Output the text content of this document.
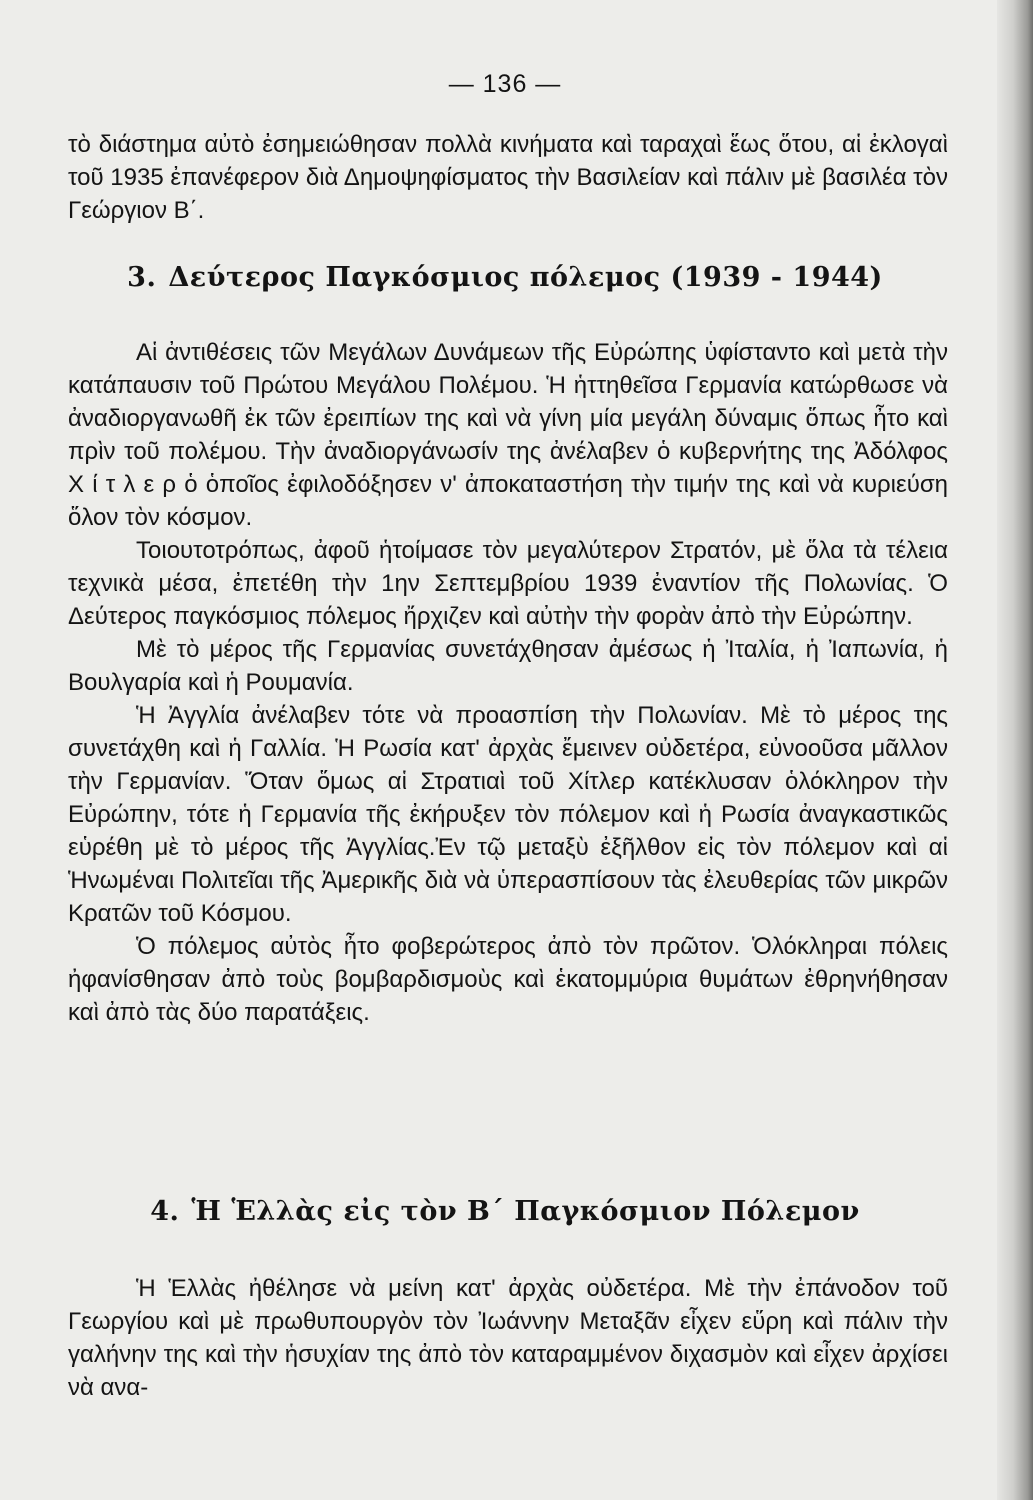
— 136 —

τὸ διάστημα αὐτὸ ἐσημειώθησαν πολλὰ κινήματα καὶ ταραχαὶ ἕως ὅτου, αἱ ἐκλογαὶ τοῦ 1935 ἐπανέφερον διὰ Δημοψηφίσματος τὴν Βασιλείαν καὶ πάλιν μὲ βασιλέα τὸν Γεώργιον Β΄.

3. Δεύτερος Παγκόσμιος πόλεμος (1939 - 1944)

Αἱ ἀντιθέσεις τῶν Μεγάλων Δυνάμεων τῆς Εὐρώπης ὑφίσταντο καὶ μετὰ τὴν κατάπαυσιν τοῦ Πρώτου Μεγάλου Πολέμου. Ἡ ἡττηθεῖσα Γερμανία κατώρθωσε νὰ ἀναδιοργανωθῆ ἐκ τῶν ἐρειπίων της καὶ νὰ γίνη μία μεγάλη δύναμις ὅπως ἦτο καὶ πρὶν τοῦ πολέμου. Τὴν ἀναδιοργάνωσίν της ἀνέλαβεν ὁ κυβερνήτης της Ἀδόλφος Χ ί τ λ ε ρ ὁ ὁποῖος ἐφιλοδόξησεν ν' ἀποκαταστήση τὴν τιμήν της καὶ νὰ κυριεύση ὅλον τὸν κόσμον.

Τοιουτοτρόπως, ἀφοῦ ἡτοίμασε τὸν μεγαλύτερον Στρατόν, μὲ ὅλα τὰ τέλεια τεχνικὰ μέσα, ἐπετέθη τὴν 1ην Σεπτεμβρίου 1939 ἐναντίον τῆς Πολωνίας. Ὁ Δεύτερος παγκόσμιος πόλεμος ἤρχιζεν καὶ αὐτὴν τὴν φορὰν ἀπὸ τὴν Εὐρώπην.

Μὲ τὸ μέρος τῆς Γερμανίας συνετάχθησαν ἀμέσως ἡ Ἰταλία, ἡ Ἰαπωνία, ἡ Βουλγαρία καὶ ἡ Ρουμανία.

Ἡ Ἀγγλία ἀνέλαβεν τότε νὰ προασπίση τὴν Πολωνίαν. Μὲ τὸ μέρος της συνετάχθη καὶ ἡ Γαλλία. Ἡ Ρωσία κατ' ἀρχὰς ἔμεινεν οὐδετέρα, εὐνοοῦσα μᾶλλον τὴν Γερμανίαν. Ὅταν ὅμως αἱ Στρατιαὶ τοῦ Χίτλερ κατέκλυσαν ὁλόκληρον τὴν Εὐρώπην, τότε ἡ Γερμανία τῆς ἐκήρυξεν τὸν πόλεμον καὶ ἡ Ρωσία ἀναγκαστικῶς εὑρέθη μὲ τὸ μέρος τῆς Ἀγγλίας.Ἐν τῷ μεταξὺ ἐξῆλθον εἰς τὸν πόλεμον καὶ αἱ Ἡνωμέναι Πολιτεῖαι τῆς Ἀμερικῆς διὰ νὰ ὑπερασπίσουν τὰς ἐλευθερίας τῶν μικρῶν Κρατῶν τοῦ Κόσμου.

Ὁ πόλεμος αὐτὸς ἦτο φοβερώτερος ἀπὸ τὸν πρῶτον. Ὁλόκληραι πόλεις ἠφανίσθησαν ἀπὸ τοὺς βομβαρδισμοὺς καὶ ἑκατομμύρια θυμάτων ἐθρηνήθησαν καὶ ἀπὸ τὰς δύο παρατάξεις.

4. Ἡ Ἑλλὰς εἰς τὸν Β΄ Παγκόσμιον Πόλεμον

Ἡ Ἑλλὰς ἠθέλησε νὰ μείνη κατ' ἀρχὰς οὐδετέρα. Μὲ τὴν ἐπάνοδον τοῦ Γεωργίου καὶ μὲ πρωθυπουργὸν τὸν Ἰωάννην Μεταξᾶν εἶχεν εὕρη καὶ πάλιν τὴν γαλήνην της καὶ τὴν ἡσυχίαν της ἀπὸ τὸν καταραμμένον διχασμὸν καὶ εἶχεν ἀρχίσει νὰ ανα-
